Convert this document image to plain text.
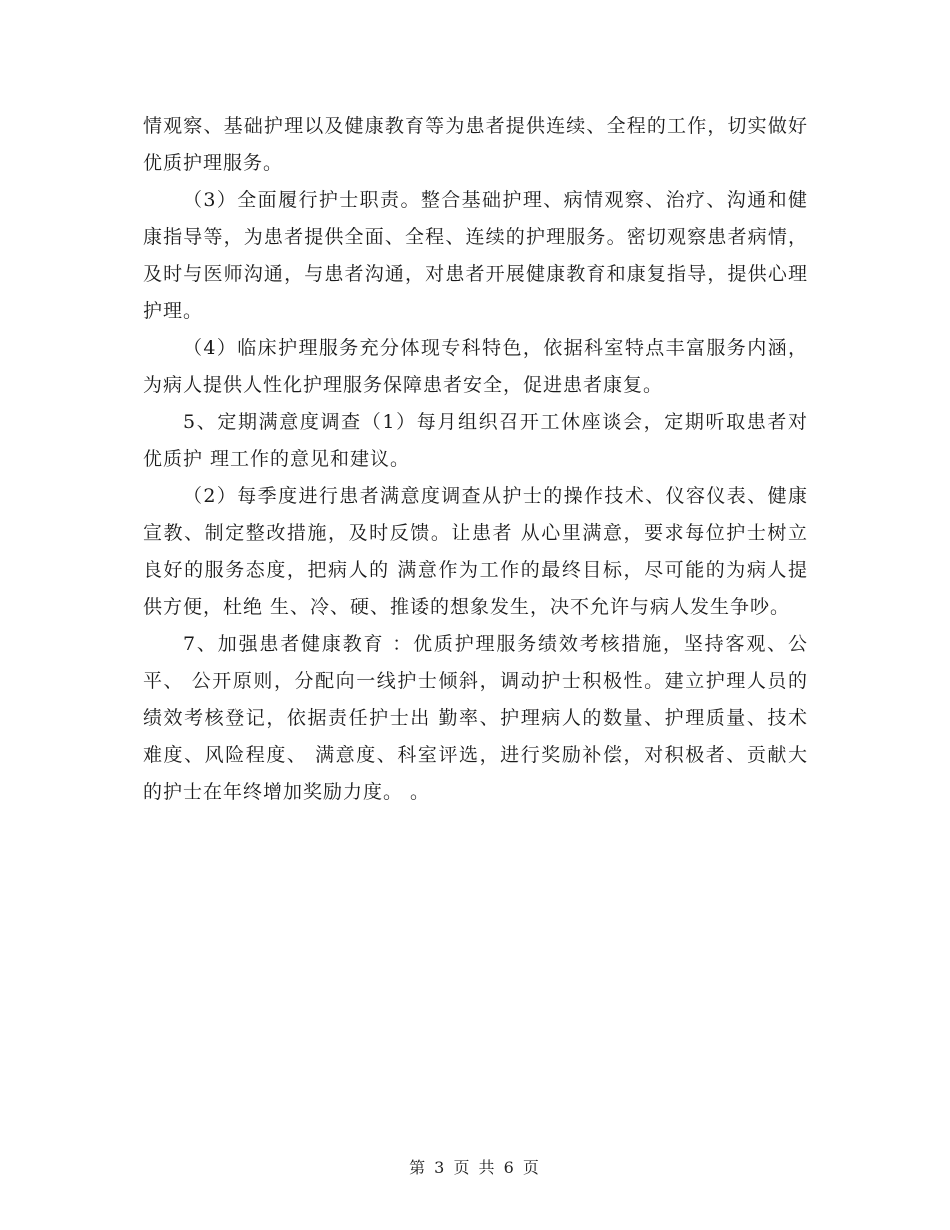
情观察、基础护理以及健康教育等为患者提供连续、全程的工作，切实做好优质护理服务。

（3）全面履行护士职责。整合基础护理、病情观察、治疗、沟通和健康指导等，为患者提供全面、全程、连续的护理服务。密切观察患者病情，及时与医师沟通，与患者沟通，对患者开展健康教育和康复指导，提供心理护理。

（4）临床护理服务充分体现专科特色，依据科室特点丰富服务内涵，为病人提供人性化护理服务保障患者安全，促进患者康复。

5、定期满意度调查（1）每月组织召开工休座谈会，定期听取患者对优质护 理工作的意见和建议。

（2）每季度进行患者满意度调查从护士的操作技术、仪容仪表、健康宣教、制定整改措施，及时反馈。让患者 从心里满意，要求每位护士树立良好的服务态度，把病人的 满意作为工作的最终目标，尽可能的为病人提供方便，杜绝 生、冷、硬、推诿的想象发生，决不允许与病人发生争吵。

7、加强患者健康教育 ：优质护理服务绩效考核措施，坚持客观、公平、 公开原则，分配向一线护士倾斜，调动护士积极性。建立护理人员的绩效考核登记，依据责任护士出 勤率、护理病人的数量、护理质量、技术难度、风险程度、 满意度、科室评选，进行奖励补偿，对积极者、贡献大的护士在年终增加奖励力度。 。

第 3 页 共 6 页
